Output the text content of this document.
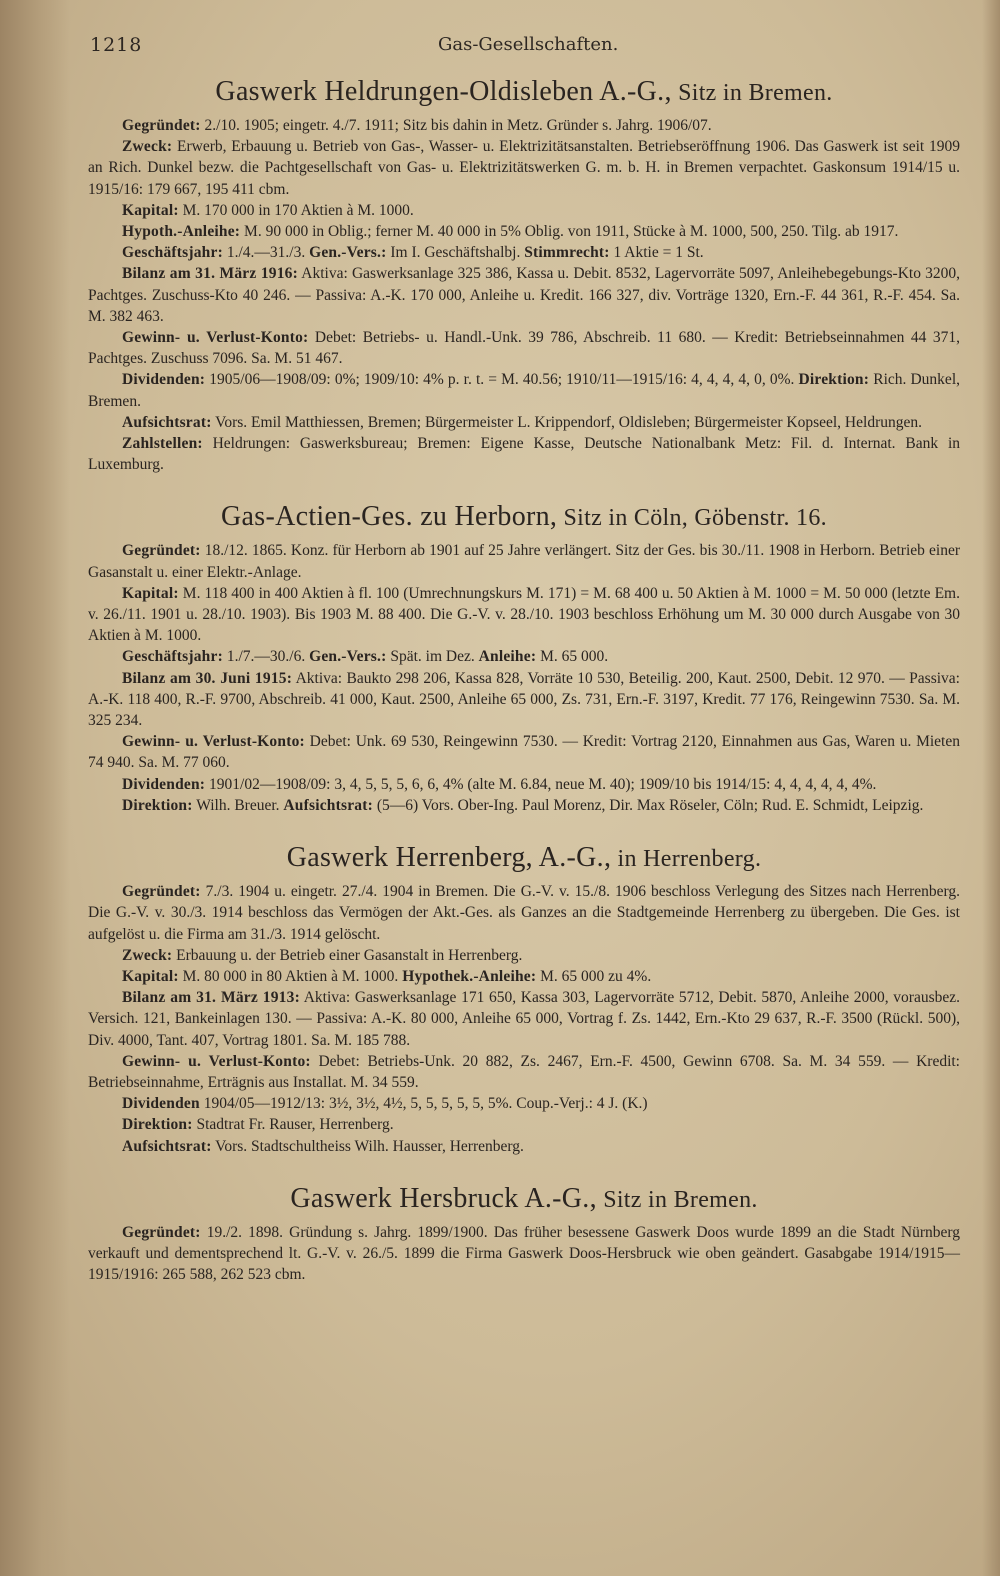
1218	Gas-Gesellschaften.
Gaswerk Heldrungen-Oldisleben A.-G., Sitz in Bremen.

Gegründet: 2./10. 1905; eingetr. 4./7. 1911; Sitz bis dahin in Metz. Gründer s. Jahrg. 1906/07.

Zweck: Erwerb, Erbauung u. Betrieb von Gas-, Wasser- u. Elektrizitätsanstalten. Betriebseröffnung 1906. Das Gaswerk ist seit 1909 an Rich. Dunkel bezw. die Pachtgesellschaft von Gas- u. Elektrizitätswerken G. m. b. H. in Bremen verpachtet. Gaskonsum 1914/15 u. 1915/16: 179 667, 195 411 cbm.

Kapital: M. 170 000 in 170 Aktien à M. 1000.

Hypoth.-Anleihe: M. 90 000 in Oblig.; ferner M. 40 000 in 5% Oblig. von 1911, Stücke à M. 1000, 500, 250. Tilg. ab 1917.

Geschäftsjahr: 1./4.—31./3. Gen.-Vers.: Im I. Geschäftshalbj. Stimmrecht: 1 Aktie = 1 St.

Bilanz am 31. März 1916: Aktiva: Gaswerksanlage 325 386, Kassa u. Debit. 8532, Lagervorräte 5097, Anleihebegebungs-Kto 3200, Pachtges. Zuschuss-Kto 40 246. — Passiva: A.-K. 170 000, Anleihe u. Kredit. 166 327, div. Vorträge 1320, Ern.-F. 44 361, R.-F. 454. Sa. M. 382 463.

Gewinn- u. Verlust-Konto: Debet: Betriebs- u. Handl.-Unk. 39 786, Abschreib. 11 680. — Kredit: Betriebseinnahmen 44 371, Pachtges. Zuschuss 7096. Sa. M. 51 467.

Dividenden: 1905/06—1908/09: 0%; 1909/10: 4% p. r. t. = M. 40.56; 1910/11—1915/16: 4, 4, 4, 4, 0, 0%. Direktion: Rich. Dunkel, Bremen.

Aufsichtsrat: Vors. Emil Matthiessen, Bremen; Bürgermeister L. Krippendorf, Oldisleben; Bürgermeister Kopseel, Heldrungen.

Zahlstellen: Heldrungen: Gaswerksbureau; Bremen: Eigene Kasse, Deutsche Nationalbank Metz: Fil. d. Internat. Bank in Luxemburg.

Gas-Actien-Ges. zu Herborn, Sitz in Cöln, Göbenstr. 16.

Gegründet: 18./12. 1865. Konz. für Herborn ab 1901 auf 25 Jahre verlängert. Sitz der Ges. bis 30./11. 1908 in Herborn. Betrieb einer Gasanstalt u. einer Elektr.-Anlage.

Kapital: M. 118 400 in 400 Aktien à fl. 100 (Umrechnungskurs M. 171) = M. 68 400 u. 50 Aktien à M. 1000 = M. 50 000 (letzte Em. v. 26./11. 1901 u. 28./10. 1903). Bis 1903 M. 88 400. Die G.-V. v. 28./10. 1903 beschloss Erhöhung um M. 30 000 durch Ausgabe von 30 Aktien à M. 1000.

Geschäftsjahr: 1./7.—30./6. Gen.-Vers.: Spät. im Dez. Anleihe: M. 65 000.

Bilanz am 30. Juni 1915: Aktiva: Baukto 298 206, Kassa 828, Vorräte 10 530, Beteilig. 200, Kaut. 2500, Debit. 12 970. — Passiva: A.-K. 118 400, R.-F. 9700, Abschreib. 41 000, Kaut. 2500, Anleihe 65 000, Zs. 731, Ern.-F. 3197, Kredit. 77 176, Reingewinn 7530. Sa. M. 325 234.

Gewinn- u. Verlust-Konto: Debet: Unk. 69 530, Reingewinn 7530. — Kredit: Vortrag 2120, Einnahmen aus Gas, Waren u. Mieten 74 940. Sa. M. 77 060.

Dividenden: 1901/02—1908/09: 3, 4, 5, 5, 5, 6, 6, 4% (alte M. 6.84, neue M. 40); 1909/10 bis 1914/15: 4, 4, 4, 4, 4, 4%.

Direktion: Wilh. Breuer. Aufsichtsrat: (5—6) Vors. Ober-Ing. Paul Morenz, Dir. Max Röseler, Cöln; Rud. E. Schmidt, Leipzig.

Gaswerk Herrenberg, A.-G., in Herrenberg.

Gegründet: 7./3. 1904 u. eingetr. 27./4. 1904 in Bremen. Die G.-V. v. 15./8. 1906 beschloss Verlegung des Sitzes nach Herrenberg. Die G.-V. v. 30./3. 1914 beschloss das Vermögen der Akt.-Ges. als Ganzes an die Stadtgemeinde Herrenberg zu übergeben. Die Ges. ist aufgelöst u. die Firma am 31./3. 1914 gelöscht.

Zweck: Erbauung u. der Betrieb einer Gasanstalt in Herrenberg.

Kapital: M. 80 000 in 80 Aktien à M. 1000. Hypothek.-Anleihe: M. 65 000 zu 4%.

Bilanz am 31. März 1913: Aktiva: Gaswerksanlage 171 650, Kassa 303, Lagervorräte 5712, Debit. 5870, Anleihe 2000, vorausbez. Versich. 121, Bankeinlagen 130. — Passiva: A.-K. 80 000, Anleihe 65 000, Vortrag f. Zs. 1442, Ern.-Kto 29 637, R.-F. 3500 (Rückl. 500), Div. 4000, Tant. 407, Vortrag 1801. Sa. M. 185 788.

Gewinn- u. Verlust-Konto: Debet: Betriebs-Unk. 20 882, Zs. 2467, Ern.-F. 4500, Gewinn 6708. Sa. M. 34 559. — Kredit: Betriebseinnahme, Erträgnis aus Installat. M. 34 559.

Dividenden 1904/05—1912/13: 3½, 3½, 4½, 5, 5, 5, 5, 5, 5%. Coup.-Verj.: 4 J. (K.)

Direktion: Stadtrat Fr. Rauser, Herrenberg.

Aufsichtsrat: Vors. Stadtschultheiss Wilh. Hausser, Herrenberg.

Gaswerk Hersbruck A.-G., Sitz in Bremen.

Gegründet: 19./2. 1898. Gründung s. Jahrg. 1899/1900. Das früher besessene Gaswerk Doos wurde 1899 an die Stadt Nürnberg verkauft und dementsprechend lt. G.-V. v. 26./5. 1899 die Firma Gaswerk Doos-Hersbruck wie oben geändert. Gasabgabe 1914/1915—1915/1916: 265 588, 262 523 cbm.
